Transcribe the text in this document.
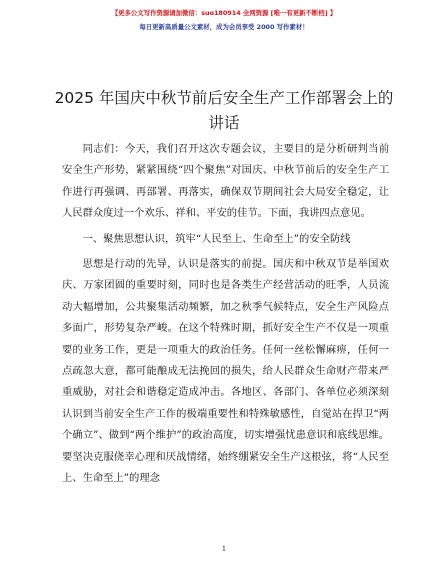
【更多公文写作资源请加微信：suo180914 全网资源 [唯一有更新不断档] 】
每日更新高质量公文素材，成为会员享受 2000 写作素材！
2025 年国庆中秋节前后安全生产工作部署会上的讲话

同志们：今天，我们召开这次专题会议，主要目的是分析研判当前安全生产形势，紧紧围绕“四个聚焦”对国庆、中秋节前后的安全生产工作进行再强调、再部署、再落实，确保双节期间社会大局安全稳定，让人民群众度过一个欢乐、祥和、平安的佳节。下面，我讲四点意见。

一、聚焦思想认识，筑牢“人民至上、生命至上”的安全防线

思想是行动的先导，认识是落实的前提。国庆和中秋双节是举国欢庆、万家团圆的重要时刻，同时也是各类生产经营活动的旺季，人员流动大幅增加，公共聚集活动频繁，加之秋季气候特点，安全生产风险点多面广，形势复杂严峻。在这个特殊时期，抓好安全生产不仅是一项重要的业务工作，更是一项重大的政治任务。任何一丝松懈麻痹，任何一点疏忽大意，都可能酿成无法挽回的损失，给人民群众生命财产带来严重威胁，对社会和谐稳定造成冲击。各地区、各部门、各单位必须深刻认识到当前安全生产工作的极端重要性和特殊敏感性，自觉站在捍卫“两个确立”、做到“两个维护”的政治高度，切实增强忧患意识和底线思维。要坚决克服侥幸心理和厌战情绪，始终绷紧安全生产这根弦，将“人民至上、生命至上”的理念

1
